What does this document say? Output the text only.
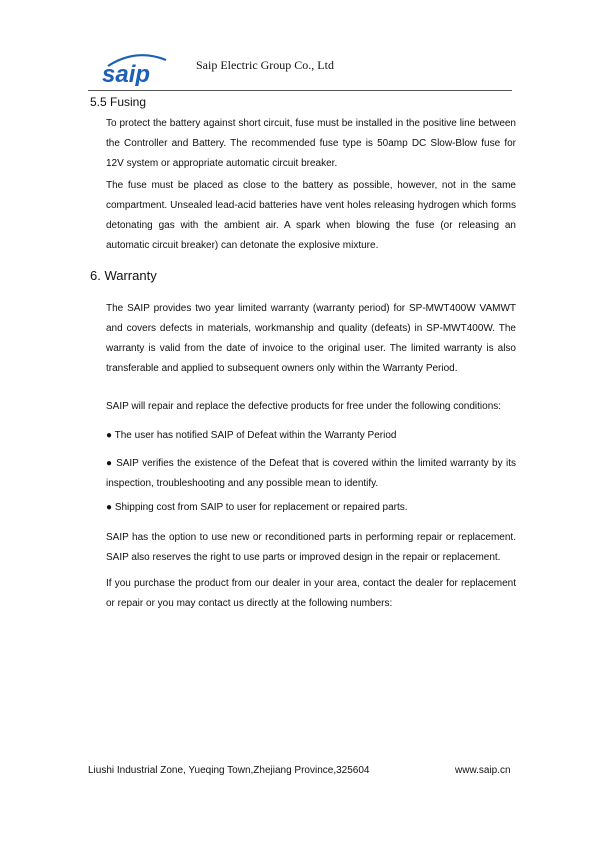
saip	Saip Electric Group Co., Ltd
5.5 Fusing
To protect the battery against short circuit, fuse must be installed in the positive line between the Controller and Battery. The recommended fuse type is 50amp DC Slow-Blow fuse for 12V system or appropriate automatic circuit breaker.
The fuse must be placed as close to the battery as possible, however, not in the same compartment. Unsealed lead-acid batteries have vent holes releasing hydrogen which forms detonating gas with the ambient air. A spark when blowing the fuse (or releasing an automatic circuit breaker) can detonate the explosive mixture.
6. Warranty
The SAIP provides two year limited warranty (warranty period) for SP-MWT400W VAMWT and covers defects in materials, workmanship and quality (defeats) in SP-MWT400W. The warranty is valid from the date of invoice to the original user. The limited warranty is also transferable and applied to subsequent owners only within the Warranty Period.
SAIP will repair and replace the defective products for free under the following conditions:
● The user has notified SAIP of Defeat within the Warranty Period
● SAIP verifies the existence of the Defeat that is covered within the limited warranty by its inspection, troubleshooting and any possible mean to identify.
● Shipping cost from SAIP to user for replacement or repaired parts.
SAIP has the option to use new or reconditioned parts in performing repair or replacement. SAIP also reserves the right to use parts or improved design in the repair or replacement.
If you purchase the product from our dealer in your area, contact the dealer for replacement or repair or you may contact us directly at the following numbers:
Liushi Industrial Zone, Yueqing Town,Zhejiang Province,325604	www.saip.cn
